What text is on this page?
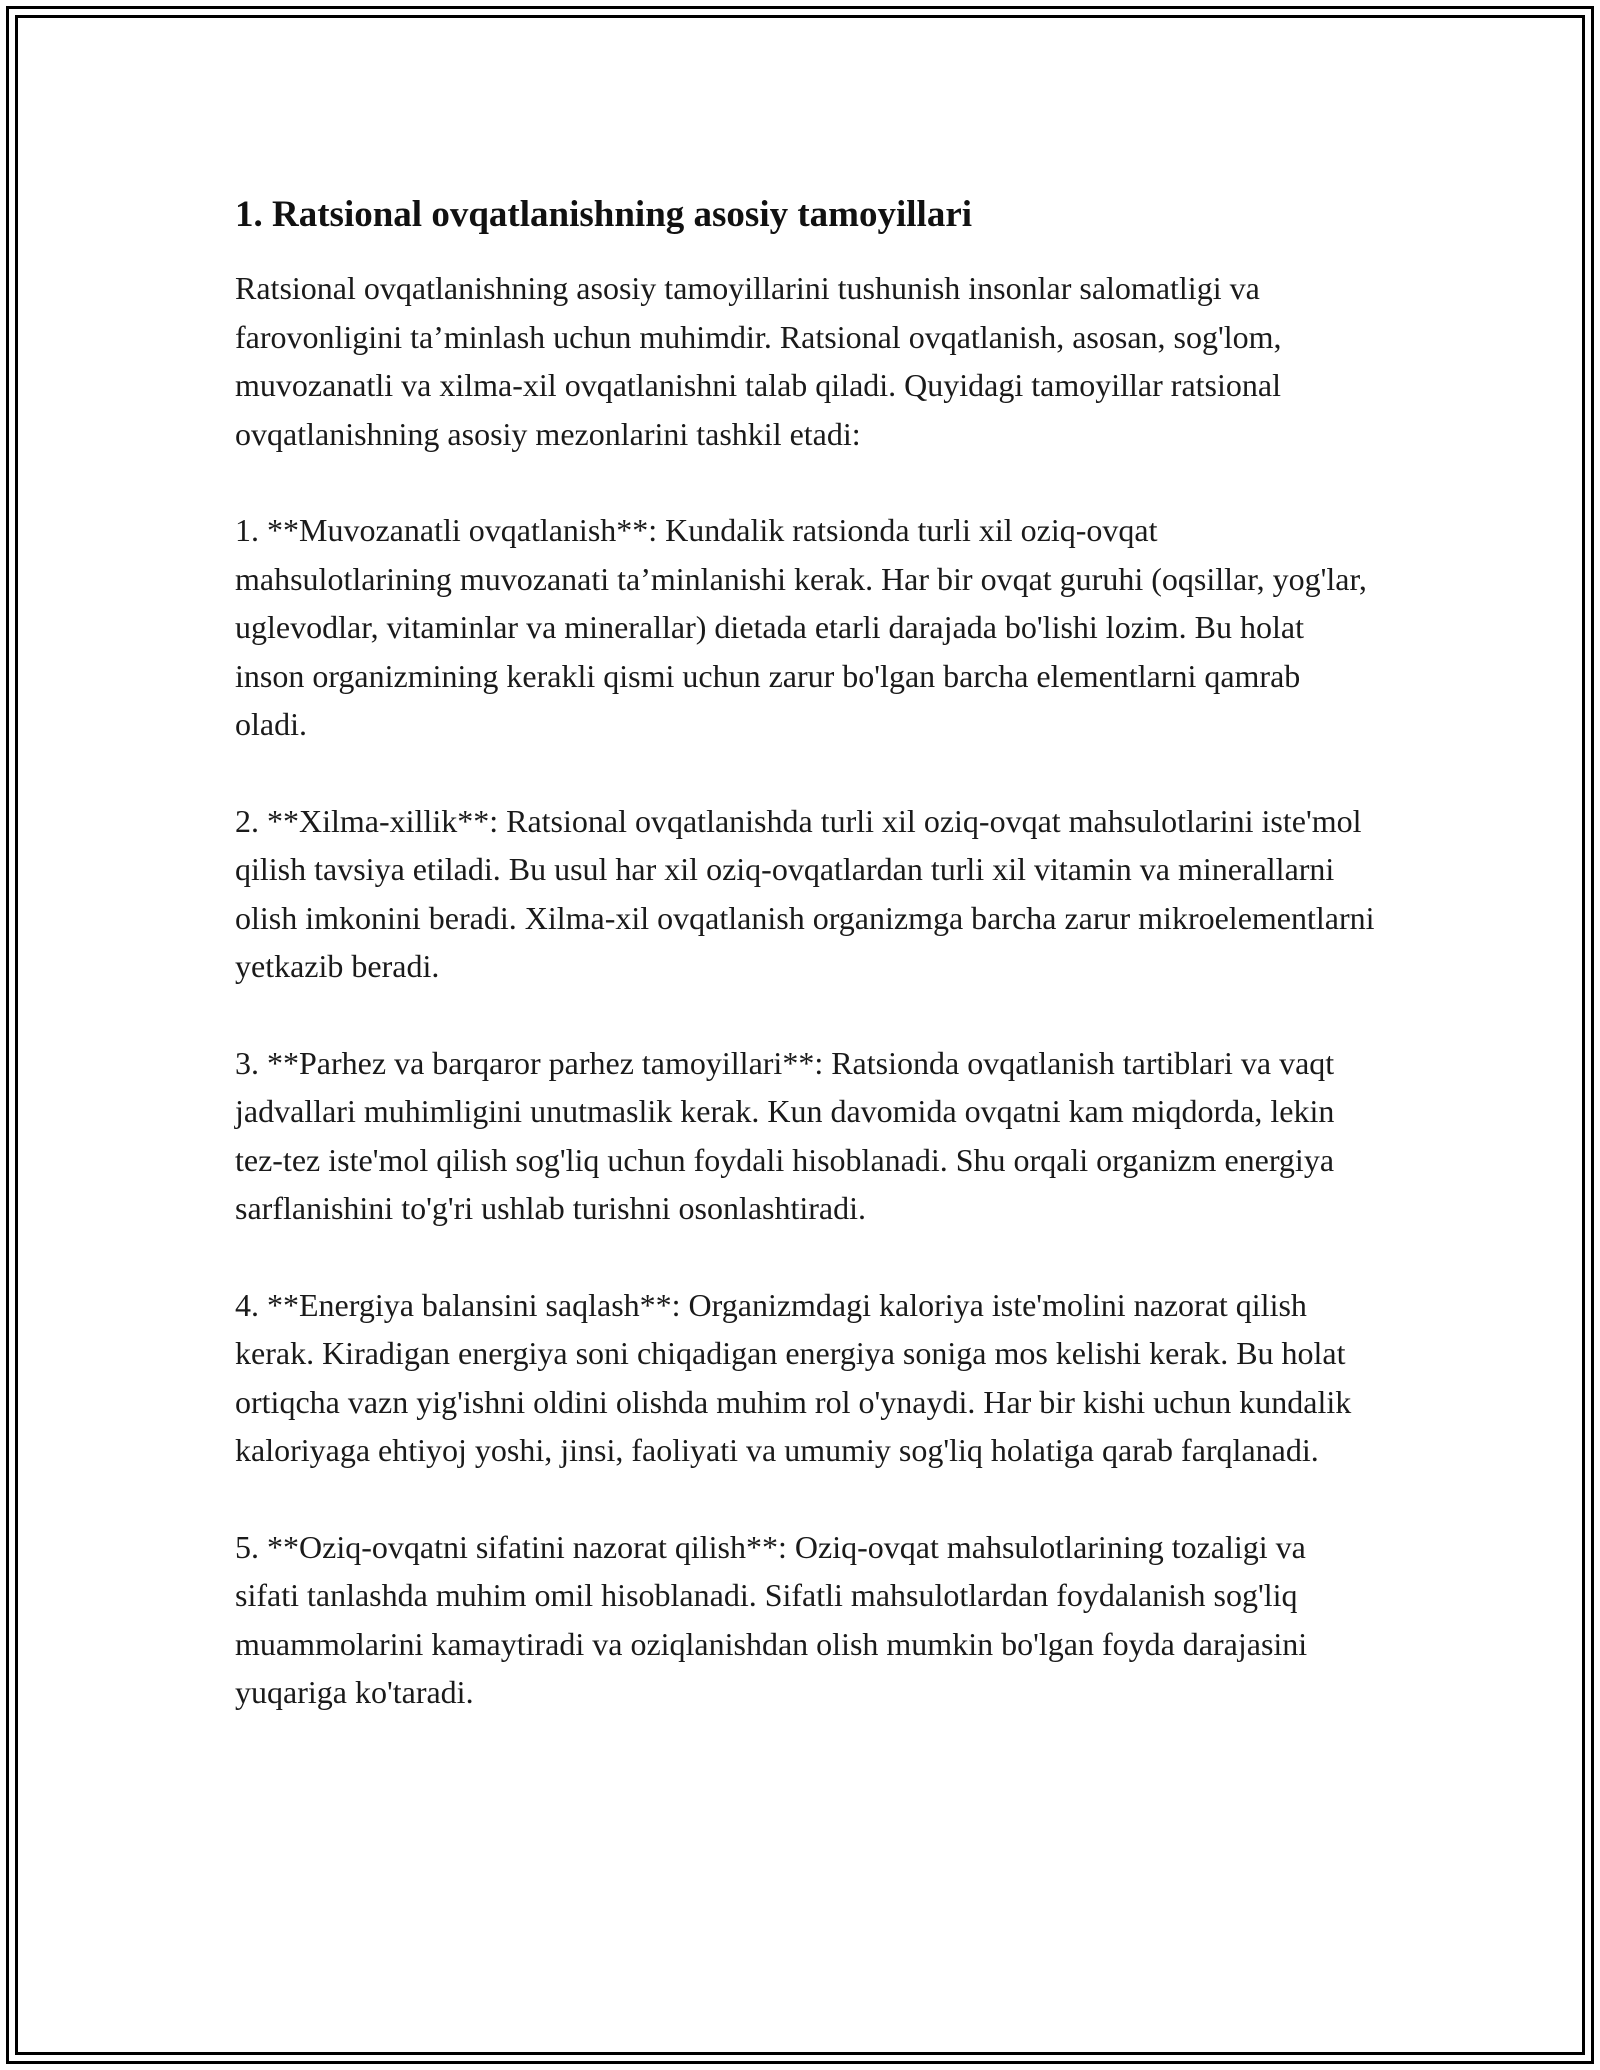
1. Ratsional ovqatlanishning asosiy tamoyillari

Ratsional ovqatlanishning asosiy tamoyillarini tushunish insonlar salomatligi va farovonligini ta’minlash uchun muhimdir. Ratsional ovqatlanish, asosan, sog'lom, muvozanatli va xilma-xil ovqatlanishni talab qiladi. Quyidagi tamoyillar ratsional ovqatlanishning asosiy mezonlarini tashkil etadi:

1. **Muvozanatli ovqatlanish**: Kundalik ratsionda turli xil oziq-ovqat mahsulotlarining muvozanati ta’minlanishi kerak. Har bir ovqat guruhi (oqsillar, yog'lar, uglevodlar, vitaminlar va minerallar) dietada etarli darajada bo'lishi lozim. Bu holat inson organizmining kerakli qismi uchun zarur bo'lgan barcha elementlarni qamrab oladi.

2. **Xilma-xillik**: Ratsional ovqatlanishda turli xil oziq-ovqat mahsulotlarini iste'mol qilish tavsiya etiladi. Bu usul har xil oziq-ovqatlardan turli xil vitamin va minerallarni olish imkonini beradi. Xilma-xil ovqatlanish organizmga barcha zarur mikroelementlarni yetkazib beradi.

3. **Parhez va barqaror parhez tamoyillari**: Ratsionda ovqatlanish tartiblari va vaqt jadvallari muhimligini unutmaslik kerak. Kun davomida ovqatni kam miqdorda, lekin tez-tez iste'mol qilish sog'liq uchun foydali hisoblanadi. Shu orqali organizm energiya sarflanishini to'g'ri ushlab turishni osonlashtiradi.

4. **Energiya balansini saqlash**: Organizmdagi kaloriya iste'molini nazorat qilish kerak. Kiradigan energiya soni chiqadigan energiya soniga mos kelishi kerak. Bu holat ortiqcha vazn yig'ishni oldini olishda muhim rol o'ynaydi. Har bir kishi uchun kundalik kaloriyaga ehtiyoj yoshi, jinsi, faoliyati va umumiy sog'liq holatiga qarab farqlanadi.

5. **Oziq-ovqatni sifatini nazorat qilish**: Oziq-ovqat mahsulotlarining tozaligi va sifati tanlashda muhim omil hisoblanadi. Sifatli mahsulotlardan foydalanish sog'liq muammolarini kamaytiradi va oziqlanishdan olish mumkin bo'lgan foyda darajasini yuqariga ko'taradi.
